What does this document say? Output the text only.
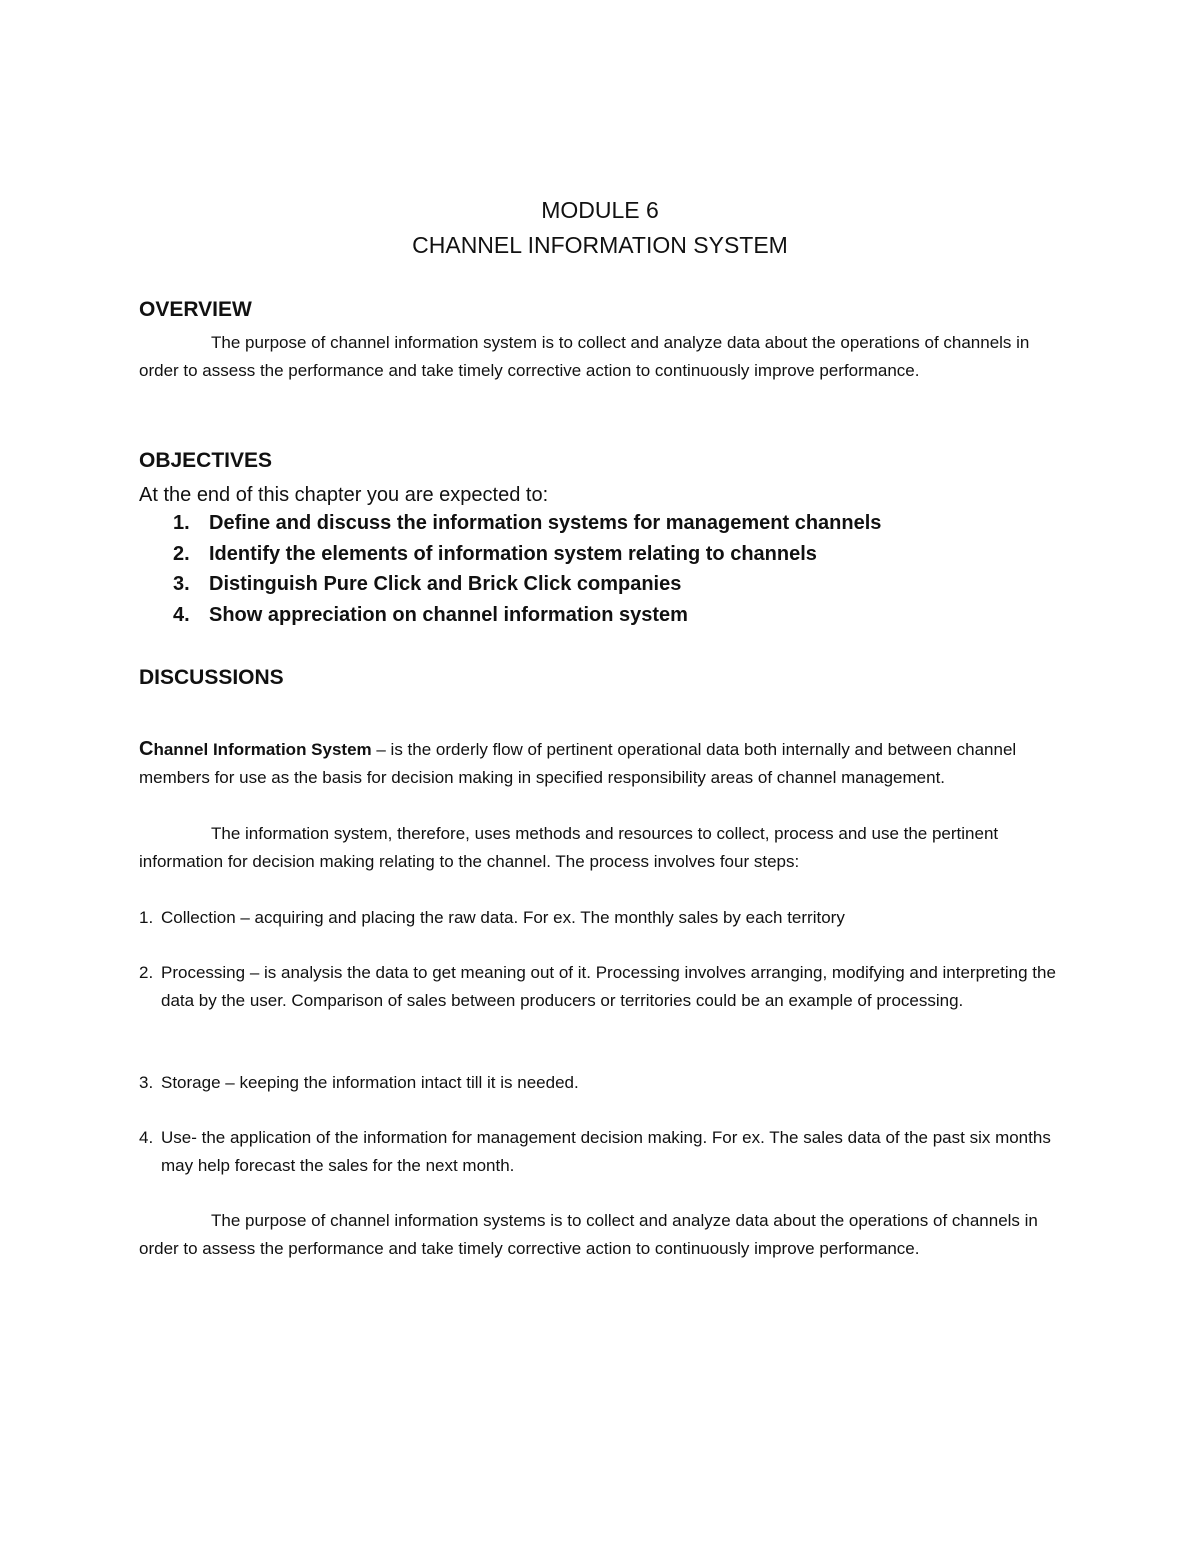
MODULE 6
CHANNEL INFORMATION SYSTEM
OVERVIEW
The purpose of channel information system is to collect and analyze data about the operations of channels in order to assess the performance and take timely corrective action to continuously improve performance.
OBJECTIVES
At the end of this chapter you are expected to:
1. Define and discuss the information systems for management channels
2. Identify the elements of information system relating to channels
3. Distinguish Pure Click and Brick Click companies
4. Show appreciation on channel information system
DISCUSSIONS
Channel Information System – is the orderly flow of pertinent operational data both internally and between channel members for use as the basis for decision making in specified responsibility areas of channel management.
The information system, therefore, uses methods and resources to collect, process and use the pertinent information for decision making relating to the channel. The process involves four steps:
1. Collection – acquiring and placing the raw data. For ex. The monthly sales by each territory
2. Processing – is analysis the data to get meaning out of it. Processing involves arranging, modifying and interpreting the data by the user. Comparison of sales between producers or territories could be an example of processing.
3. Storage – keeping the information intact till it is needed.
4. Use- the application of the information for management decision making. For ex. The sales data of the past six months may help forecast the sales for the next month.
The purpose of channel information systems is to collect and analyze data about the operations of channels in order to assess the performance and take timely corrective action to continuously improve performance.
